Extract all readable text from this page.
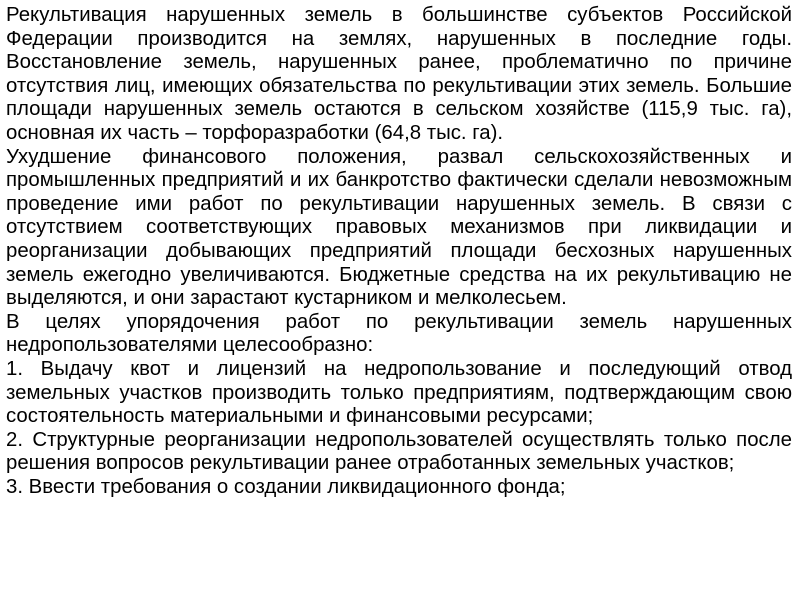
Рекультивация нарушенных земель в большинстве субъектов Российской Федерации производится на землях, нарушенных в последние годы. Восстановление земель, нарушенных ранее, проблематично по причине отсутствия лиц, имеющих обязательства по рекультивации этих земель. Большие площади нарушенных земель остаются в сельском хозяйстве (115,9 тыс. га), основная их часть – торфоразработки (64,8 тыс. га).

Ухудшение финансового положения, развал сельскохозяйственных и промышленных предприятий и их банкротство фактически сделали невозможным проведение ими работ по рекультивации нарушенных земель. В связи с отсутствием соответствующих правовых механизмов при ликвидации и реорганизации добывающих предприятий площади бесхозных нарушенных земель ежегодно увеличиваются. Бюджетные средства на их рекультивацию не выделяются, и они зарастают кустарником и мелколесьем.

В целях упорядочения работ по рекультивации земель нарушенных недропользователями целесообразно:

1. Выдачу квот и лицензий на недропользование и последующий отвод земельных участков производить только предприятиям, подтверждающим свою состоятельность материальными и финансовыми ресурсами;

2. Структурные реорганизации недропользователей осуществлять только после решения вопросов рекультивации ранее отработанных земельных участков;

3. Ввести требования о создании ликвидационного фонда;
